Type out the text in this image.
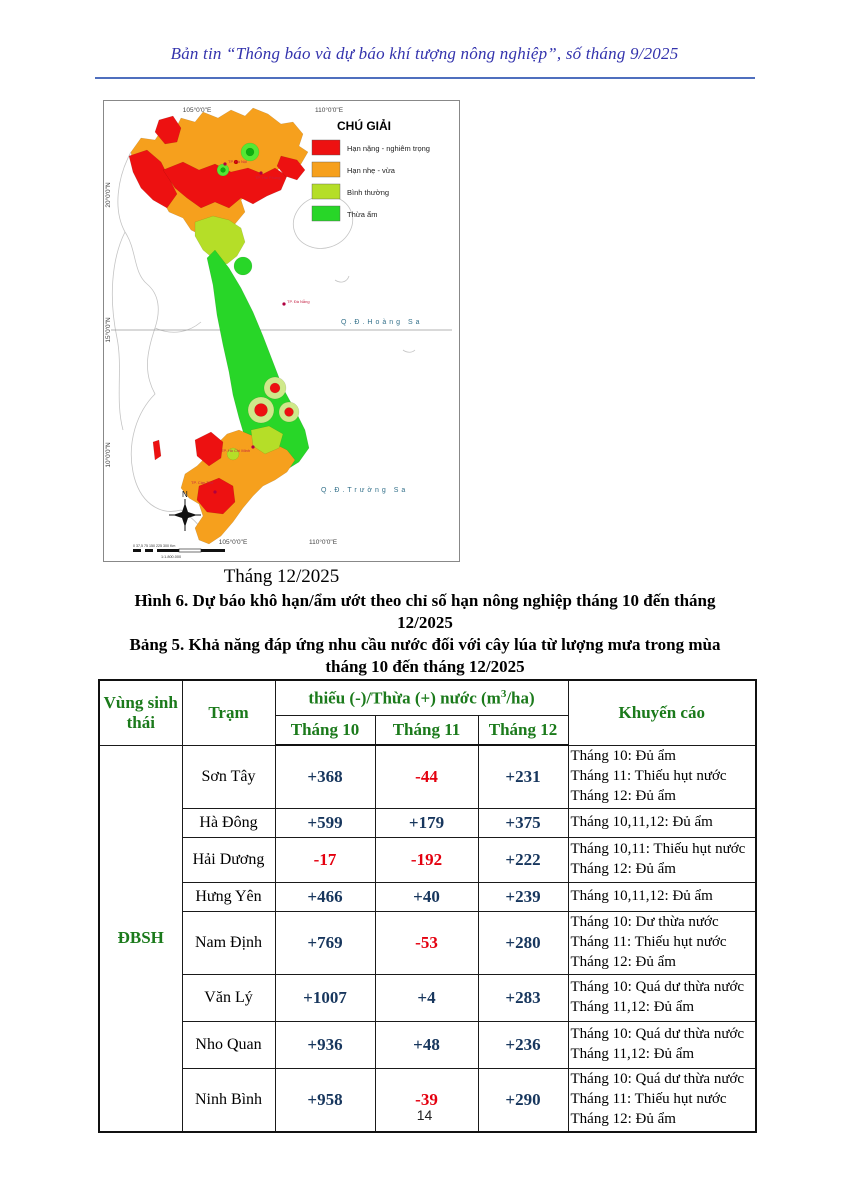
Bản tin “Thông báo và dự báo khí tượng nông nghiệp”, số tháng 9/2025
TP. Hà Nội
TP. Hải Phòng
TP. Đà Nẵng
TP. Hồ Chí Minh
TP. Cần Thơ
Q.Đ.Hoàng Sa
Q.Đ.Trường Sa
105°0'0"E	110°0'0"E
105°0'0"E	110°0'0"E
20°0'0"N
15°0'0"N
10°0'0"N
N
0 37,5 75 150 225 300 Km
1:1.800.000
CHÚ GIẢI
Hạn nặng - nghiêm trọng
Hạn nhẹ - vừa
Bình thường
Thừa ẩm
Tháng 12/2025
Hình 6. Dự báo khô hạn/ẩm ướt theo chỉ số hạn nông nghiệp tháng 10 đến tháng
12/2025
Bảng 5. Khả năng đáp ứng nhu cầu nước đối với cây lúa từ lượng mưa trong mùa
tháng 10 đến tháng 12/2025
Vùng sinh thái	Trạm	thiếu (-)/Thừa (+) nước $(m^3/ha)$			Khuyến cáo
		Tháng 10	Tháng 11	Tháng 12	
ĐBSH	Sơn Tây	+368	-44	+231	Tháng 10: Đủ ẩm
Tháng 11: Thiếu hụt nước
Tháng 12: Đủ ẩm

	Hà Đông	+599	+179	+375	Tháng 10,11,12: Đủ ẩm

	Hải Dương	-17	-192	+222	Tháng 10,11: Thiếu hụt nước
Tháng 12: Đủ ẩm

	Hưng Yên	+466	+40	+239	Tháng 10,11,12: Đủ ẩm

	Nam Định	+769	-53	+280	Tháng 10: Dư thừa nước
Tháng 11: Thiếu hụt nước
Tháng 12: Đủ ẩm

	Văn Lý	+1007	+4	+283	Tháng 10: Quá dư thừa nước
Tháng 11,12: Đủ ẩm

	Nho Quan	+936	+48	+236	Tháng 10: Quá dư thừa nước
Tháng 11,12: Đủ ẩm

	Ninh Bình	+958	-39	+290	Tháng 10: Quá dư thừa nước
Tháng 11: Thiếu hụt nước
Tháng 12: Đủ ẩm
14
